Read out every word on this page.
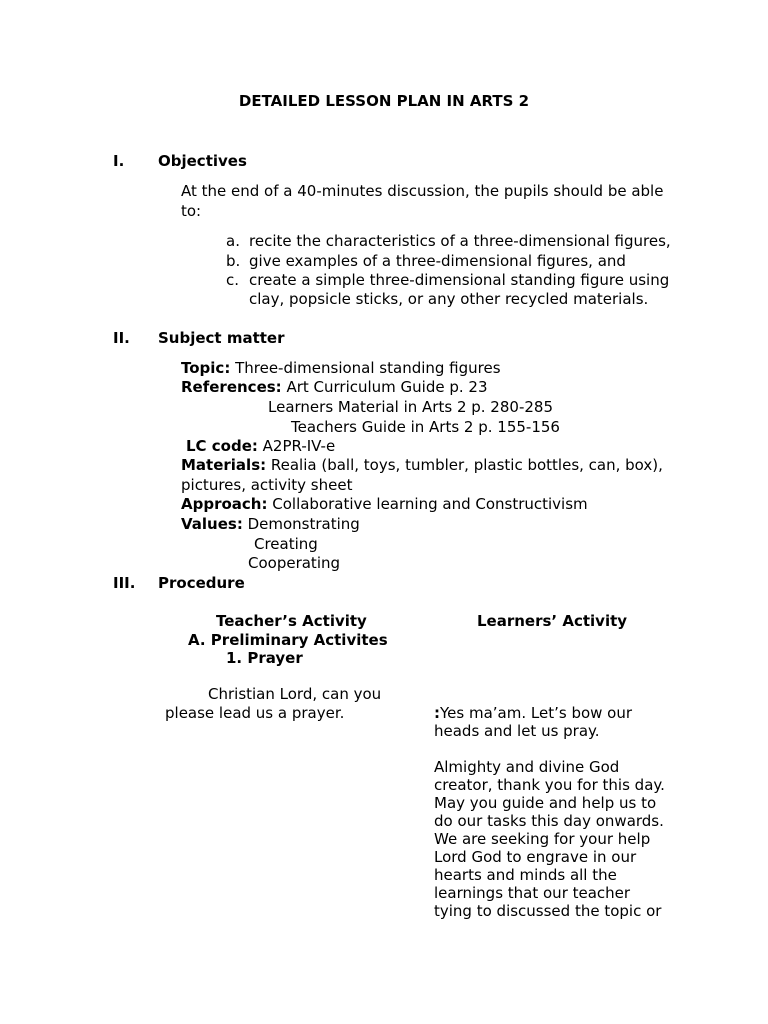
DETAILED LESSON PLAN IN ARTS 2
I. Objectives
At the end of a 40-minutes discussion, the pupils should be able
to:
a. recite the characteristics of a three-dimensional figures,
b. give examples of a three-dimensional figures, and
c. create a simple three-dimensional standing figure using
clay, popsicle sticks, or any other recycled materials.
II. Subject matter
Topic: Three-dimensional standing figures
References: Art Curriculum Guide p. 23
Learners Material in Arts 2 p. 280-285
Teachers Guide in Arts 2 p. 155-156
LC code: A2PR-IV-e
Materials: Realia (ball, toys, tumbler, plastic bottles, can, box),
pictures, activity sheet
Approach: Collaborative learning and Constructivism
Values: Demonstrating
Creating
Cooperating
III. Procedure
Teacher’s Activity	Learners’ Activity
A. Preliminary Activites
1. Prayer
Christian Lord, can you
please lead us a prayer.	:Yes ma’am. Let’s bow our
heads and let us pray.
Almighty and divine God
creator, thank you for this day.
May you guide and help us to
do our tasks this day onwards.
We are seeking for your help
Lord God to engrave in our
hearts and minds all the
learnings that our teacher
tying to discussed the topic or
